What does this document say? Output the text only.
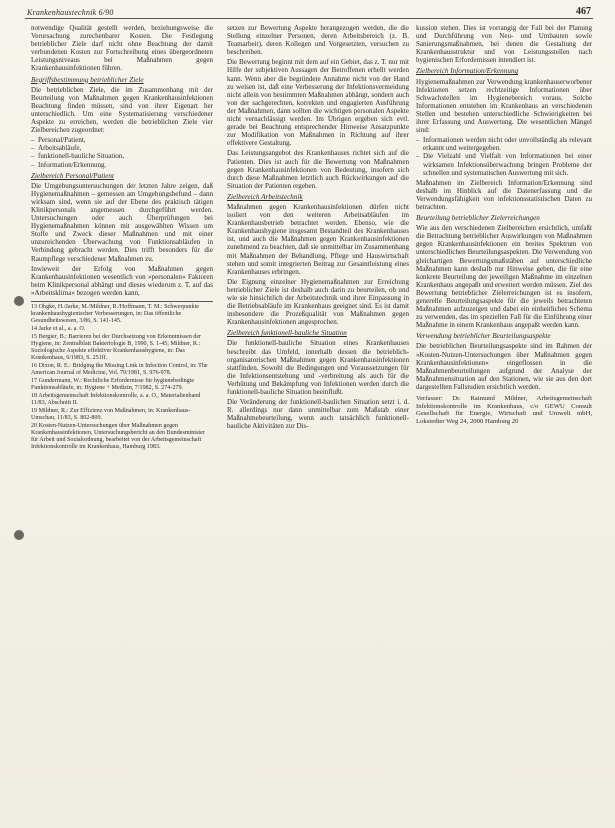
Krankenhaustechnik 6/90	467

notwendige Qualität gestellt werden, beziehungsweise die Verursachung zurechenbarer Kosten. Die Festlegung betrieblicher Ziele darf nicht ohne Beachtung der damit verbundenen Kosten zur Fortschreibung eines übergeordneten Leistungsniveaus bei Maßnahmen gegen Krankenhausinfektionen führen.

Begriffsbestimmung betrieblicher Ziele

Die betrieblichen Ziele, die im Zusammenhang mit der Beurteilung von Maßnahmen gegen Krankenhausinfektionen Beachtung finden müssen, sind von ihrer Eigenart her unterschiedlich. Um eine Systematisierung verschiedener Aspekte zu erreichen, werden die betrieblichen Ziele vier Zielbereichen zugeordnet:

– Personal/Patient,
– Arbeitsabläufe,
– funktionell-bauliche Situation,
– Information/Erkennung.
Zielbereich Personal/Patient

Die Umgebungsuntersuchungen der letzten Jahre zeigen, daß Hygienemaßnahmen – gemessen am Umgebungsbefund – dann wirksam sind, wenn sie auf der Ebene des praktisch tätigen Klinikpersonals angemessen durchgeführt werden. Untersuchungen oder auch Überprüfungen bei Hygienemaßnahmen können mit ausgewählten Wissen um Stoffe und Zweck dieser Maßnahmen und mit einer unzureichenden Überwachung von Funktionsabläufen in Verbindung gebracht werden. Dies trifft besonders für die Raumpflege verschiedener Maßnahmen zu.

Inwieweit der Erfolg von Maßnahmen gegen Krankenhausinfektionen wesentlich von »personalen« Faktoren beim Klinikpersonal abhängt und dieses wiederum z. T. auf das »Arbeitsklima« bezogen werden kann,

13 Ohgke, H./Jarke, M./Mildner, R./Hoffmann, T. M.: Schwerpunkte krankenhaushygienischer Verbesserungen, in: Das öffentliche Gesundheitswesen, 3/86, S. 141-145.

14 Jarke et al., a. a. O.

15 Bergier, B.: Barrieren bei der Durchsetzung von Erkenntnissen der Hygiene, in: Zentralblatt Bakteriologie B, 1990, S. 1-45; Mildner, R.: Soziologische Aspekte effektiver Krankenhaushygiene, in: Das Krankenhaus, 6/1983, S. 251ff.

16 Dixon, R. E.: Bridging the Missing Link in Infection Control, in: The American Journal of Medicine, Vol. 70/1981, S. 976-978.

17 Gundermann, W.: Rechtliche Erfordernisse für hygienebedingte Funktionsabläufe, in: Hygiene + Medizin, 7/1982, S. 274-279.

18 Arbeitsgemeinschaft Infektionskontrolle, a. a. O., Materialienband 11/83, Abschnitt II.

19 Mildner, R.: Zur Effizienz von Maßnahmen, in: Krankenhaus-Umschau, 11/83, S. 802-809.

20 Kosten-Nutzen-Untersuchungen über Maßnahmen gegen Krankenhausinfektionen, Untersuchungsbericht an den Bundesminister für Arbeit und Sozialordnung, bearbeitet von der Arbeitsgemeinschaft Infektionskontrolle im Krankenhaus, Hamburg 1983.

setzen zur Bewertung Aspekte herangezogen werden, die die Stellung einzelner Personen, deren Arbeitsbereich (z. B. Teamarbeit), deren Kollegen und Vorgesetzten, versuchen zu beschreiben.

Die Bewertung beginnt mit dem auf ein Gebiet, das z. T. nur mit Hilfe der subjektiven Aussagen der Betroffenen erhellt werden kann. Wenn aber die begründete Annahme nicht von der Hand zu weisen ist, daß eine Verbesserung der Infektionsvermeidung nicht allein von bestimmten Maßnahmen abhängt, sondern auch von der sachgerechten, korrekten und engagierten Ausführung der Maßnahmen, dann sollten die wichtigen personalen Aspekte nicht vernachlässigt werden. Im Übrigen ergeben sich evtl. gerade bei Beachtung entsprechender Hinweise Ansatzpunkte zur Modifikation von Maßnahmen in Richtung auf ihrer effektivere Gestaltung.

Das Leistungsangebot des Krankenhauses richtet sich auf die Patienten. Dies ist auch für die Bewertung von Maßnahmen gegen Krankenhausinfektionen von Bedeutung, insofern sich durch diese Maßnahmen letztlich auch Rückwirkungen auf die Situation der Patienten ergeben.

Zielbereich Arbeitstechnik

Maßnahmen gegen Krankenhausinfektionen dürfen nicht isoliert von den weiteren Arbeitsabläufen im Krankenhausbetrieb betrachtet werden. Ebenso, wie die Krankenhaushygiene insgesamt Bestandteil des Krankenhauses ist, und auch die Maßnahmen gegen Krankenhausinfektionen zunehmend zu beachten, daß sie unmittelbar im Zusammenhang mit Maßnahmen der Behandlung, Pflege und Hauswirtschaft stehen und somit integrierten Beitrag zur Gesamtleistung eines Krankenhauses erbringen.

Die Eignung einzelner Hygienemaßnahmen zur Erreichung betrieblicher Ziele ist deshalb auch darin zu beurteilen, ob und wie sie hinsichtlich der Arbeitstechnik und ihrer Einpassung in die Betriebsabläufe im Krankenhaus geeignet sind. Es ist damit insbesondere die Prozeßqualität von Maßnahmen gegen Krankenhausinfektionen angesprochen.

Zielbereich funktionell-bauliche Situation

Die funktionell-bauliche Situation eines Krankenhauses beschreibt das Umfeld, innerhalb dessen die betrieblich-organisatorischen Maßnahmen gegen Krankenhausinfektionen stattfinden. Sowohl die Bedingungen und Voraussetzungen für die Infektionsentstehung und -verbreitung als auch für die Verhütung und Bekämpfung von Infektionen werden durch die funktionell-bauliche Situation beeinflußt.

Die Veränderung der funktionell-baulichen Situation setzt i. d. R. allerdings nur dann unmittelbar zum Maßstab einer Maßnahmebeurteilung, wenn auch tatsächlich funktionell-bauliche Aktivitäten zur Dis-

kussion stehen. Dies ist vorrangig der Fall bei der Planung und Durchführung von Neu- und Umbauten sowie Sanierungsmaßnahmen, bei denen die Gestaltung der Krankenhausstruktur und von Leistungsstellen nach hygienischen Erfordernissen intendiert ist.

Zielbereich Information/Erkennung

Hygienemaßnahmen zur Verwendung krankenhauserworbener Infektionen setzen rechtzeitige Informationen über Schwachstellen im Hygienebereich voraus. Solche Informationen entstehen im Krankenhaus an verschiedenen Stellen und bestehen unterschiedliche Schwierigkeiten bei ihrer Erfassung und Auswertung. Die wesentlichen Mängel sind:

– Informationen werden nicht oder unvollständig als relevant erkannt und weitergegeben.
– Die Vielzahl und Vielfalt von Informationen bei einer wirksamen Infektionsüberwachung bringen Probleme der schnellen und systematischen Auswertung mit sich.

Maßnahmen im Zielbereich Information/Erkennung sind deshalb im Hinblick auf die Datenerfassung und die Verwendungsfähigkeit von infektionsstatistischen Daten zu betrachten.

Beurteilung betrieblicher Zielerreichungen

Wie aus den verschiedenen Zielbereichen ersichtlich, umfaßt die Betrachtung betrieblicher Auswirkungen von Maßnahmen gegen Krankenhausinfektionen ein breites Spektrum von unterschiedlichen Beurteilungsaspekten. Die Verwendung von gleichartigen Bewertungsmaßstäben auf unterschiedliche Maßnahmen kann deshalb nur Hinweise geben, die für eine konkrete Beurteilung der jeweiligen Maßnahme im einzelnen Krankenhaus angepaßt und erweitert werden müssen. Ziel des Bewertung betrieblicher Zielerreichungen ist es insofern, generelle Beurteilungsaspekte für die jeweils betrachteten Maßnahmen aufzuzeigen und dabei ein einheitliches Schema zu verwenden, das im speziellen Fall für die Einführung einer Maßnahme in einem Krankenhaus angepaßt werden kann.

Verwendung betrieblicher Beurteilungsaspekte

Die betrieblichen Beurteilungsaspekte sind im Rahmen der »Kosten-Nutzen-Untersuchungen über Maßnahmen gegen Krankenhausinfektionen« eingeflossen in die Maßnahmenbeurteilungen aufgrund der Analyse der Maßnahmensituation auf den Stationen, wie sie aus den dort dargestellten Fallstudien ersichtlich werden.

Verfasser: Dr. Raimund Mildner, Arbeitsgemeinschaft Infektionskontrolle im Krankenhaus, c/o GEWU Consult Gesellschaft für Energie, Wirtschaft und Umwelt mbH, Lokstedter Weg 24, 2000 Hamburg 20
